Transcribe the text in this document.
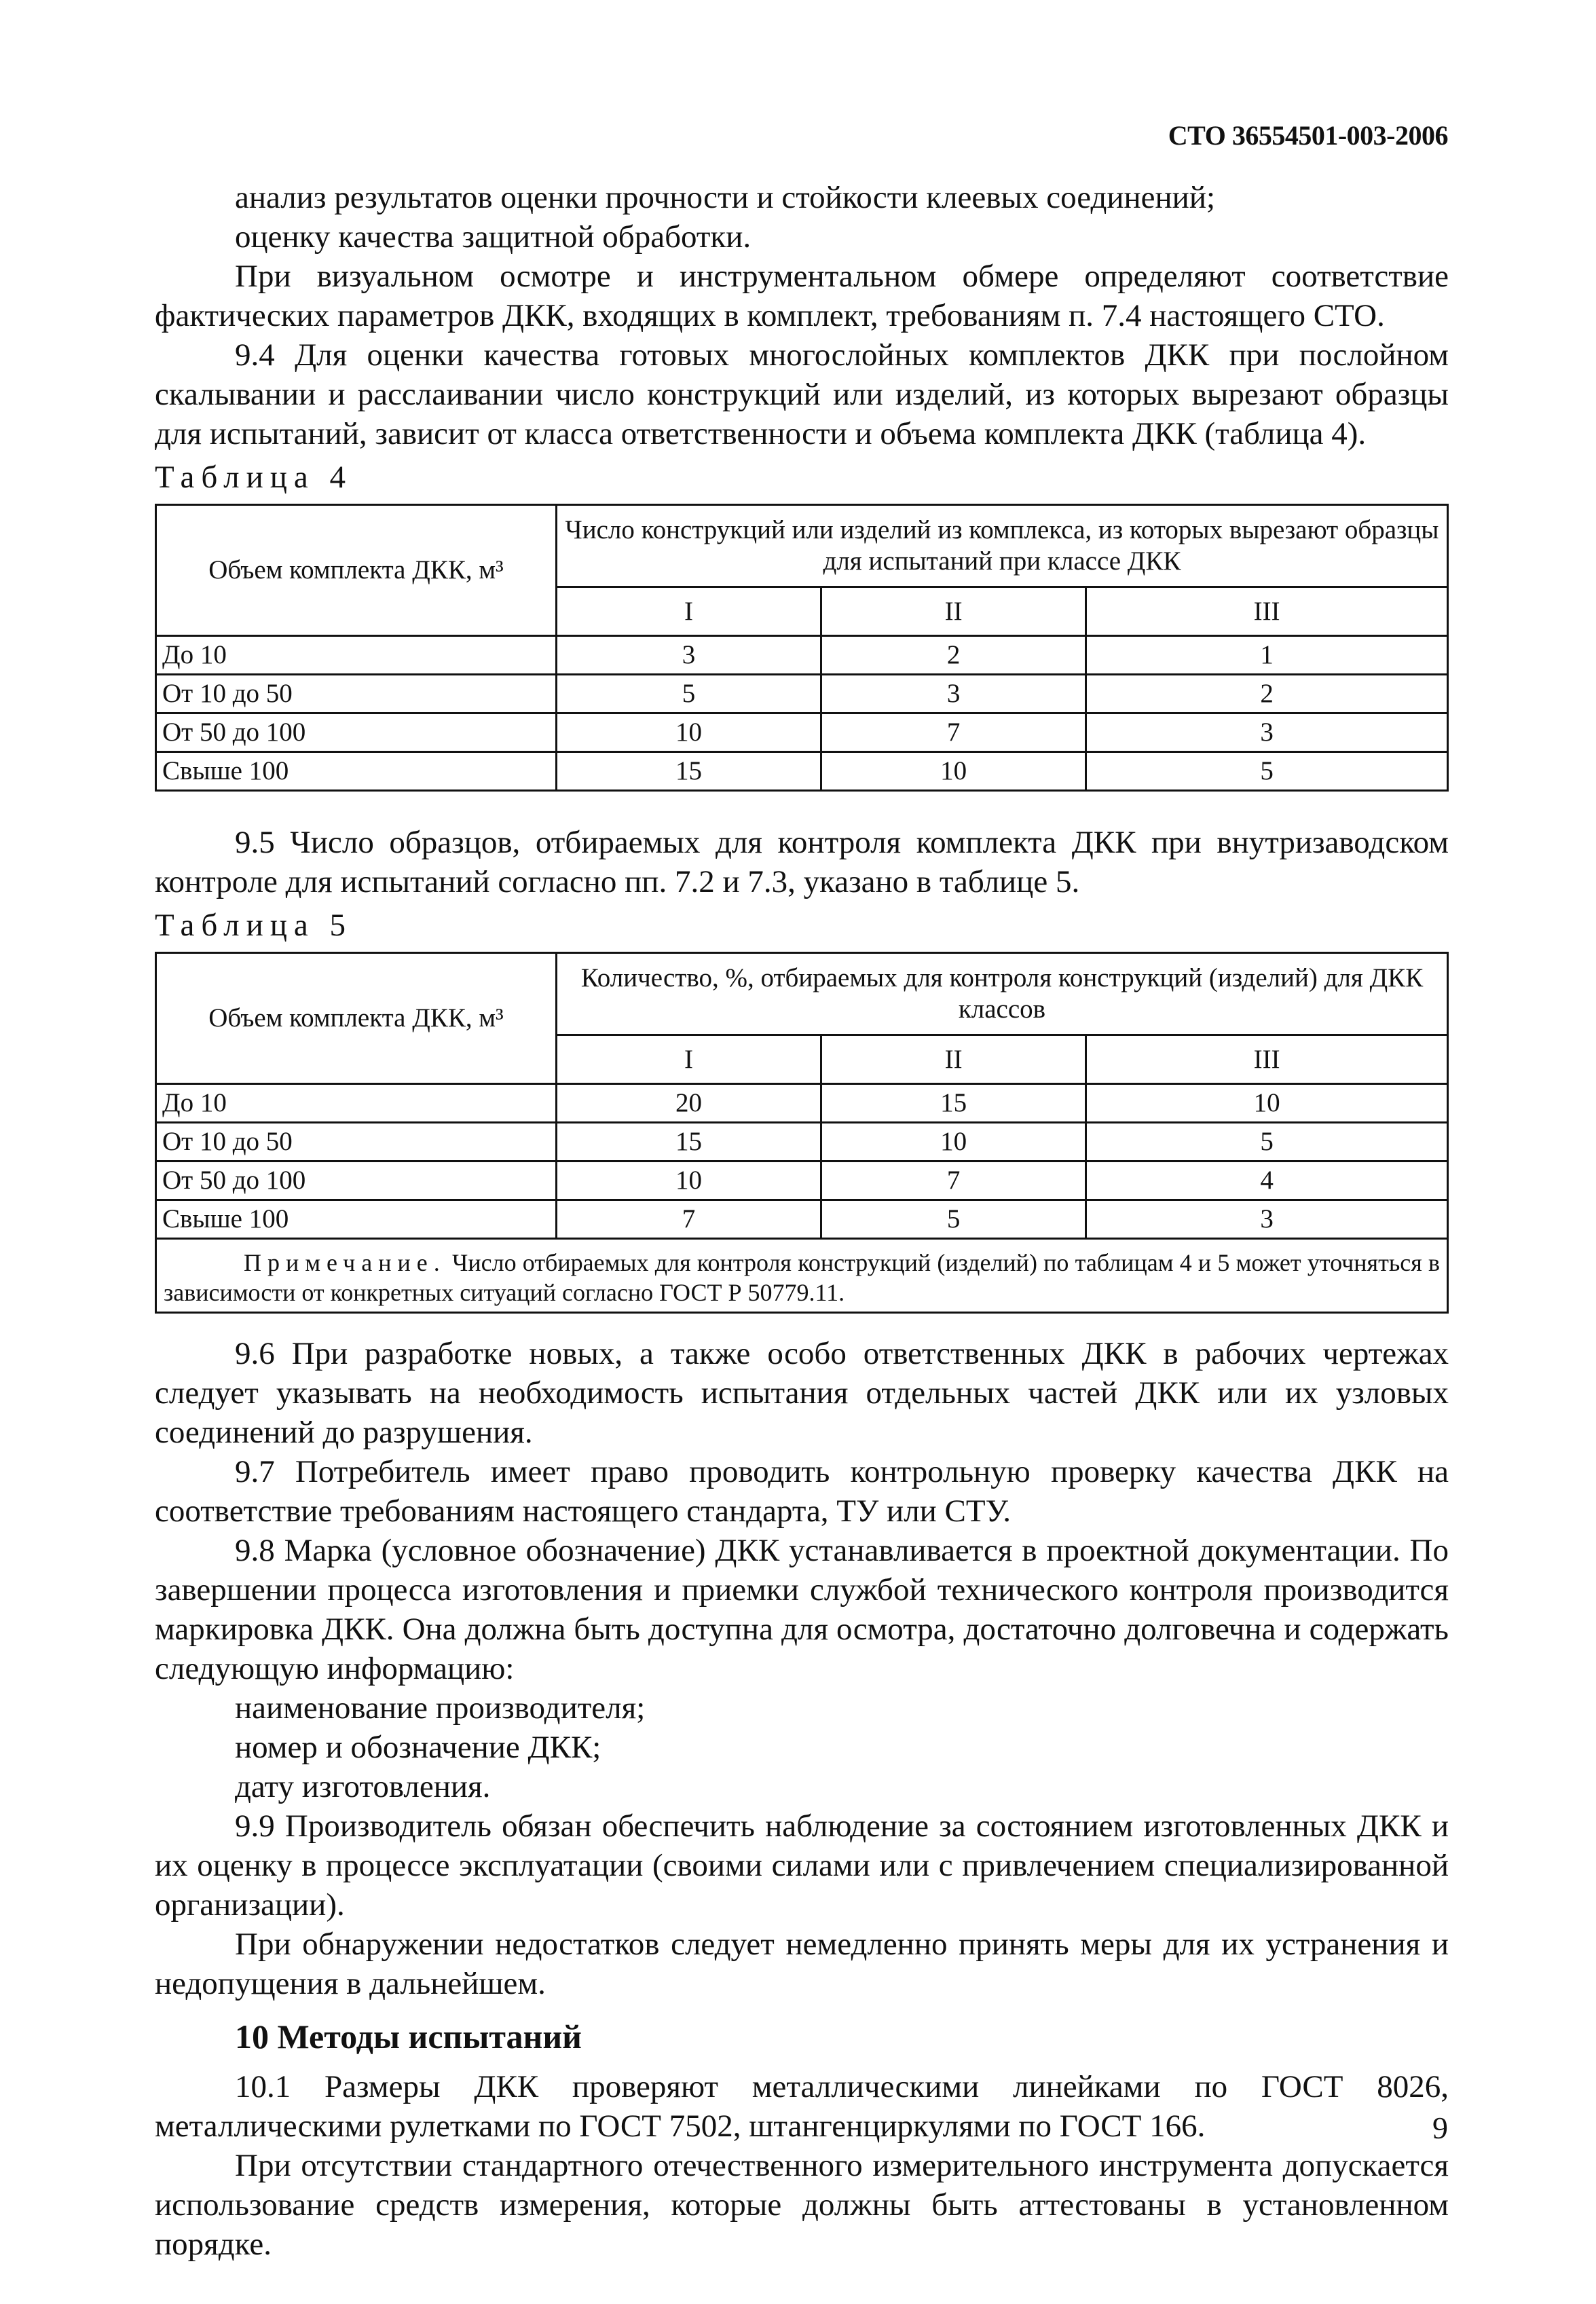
СТО 36554501-003-2006

анализ результатов оценки прочности и стойкости клеевых соединений;

оценку качества защитной обработки.

При визуальном осмотре и инструментальном обмере определяют соответствие фактических параметров ДКК, входящих в комплект, требованиям п. 7.4 настоящего СТО.

9.4 Для оценки качества готовых многослойных комплектов ДКК при послойном скалывании и расслаивании число конструкций или изделий, из которых вырезают образцы для испытаний, зависит от класса ответственности и объема комплекта ДКК (таблица 4).

Таблица 4
Объем комплекта ДКК, м³	Число конструкций или изделий из комплекса, из которых вырезают образцы для испытаний при классе ДКК		
	I	II	III
До 10	3	2	1
От 10 до 50	5	3	2
От 50 до 100	10	7	3
Свыше 100	15	10	5

9.5 Число образцов, отбираемых для контроля комплекта ДКК при внутризаводском контроле для испытаний согласно пп. 7.2 и 7.3, указано в таблице 5.

Таблица 5
Объем комплекта ДКК, м³	Количество, %, отбираемых для контроля конструкций (изделий) для ДКК классов		
	I	II	III
До 10	20	15	10
От 10 до 50	15	10	5
От 50 до 100	10	7	4
Свыше 100	7	5	3
Примечание. Число отбираемых для контроля конструкций (изделий) по таблицам 4 и 5 может уточняться в зависимости от конкретных ситуаций согласно ГОСТ Р 50779.11.			

9.6 При разработке новых, а также особо ответственных ДКК в рабочих чертежах следует указывать на необходимость испытания отдельных частей ДКК или их узловых соединений до разрушения.

9.7 Потребитель имеет право проводить контрольную проверку качества ДКК на соответствие требованиям настоящего стандарта, ТУ или СТУ.

9.8 Марка (условное обозначение) ДКК устанавливается в проектной документации. По завершении процесса изготовления и приемки службой технического контроля производится маркировка ДКК. Она должна быть доступна для осмотра, достаточно долговечна и содержать следующую информацию:

наименование производителя;

номер и обозначение ДКК;

дату изготовления.

9.9 Производитель обязан обеспечить наблюдение за состоянием изготовленных ДКК и их оценку в процессе эксплуатации (своими силами или с привлечением специализированной организации).

При обнаружении недостатков следует немедленно принять меры для их устранения и недопущения в дальнейшем.

10 Методы испытаний

10.1 Размеры ДКК проверяют металлическими линейками по ГОСТ 8026, металлическими рулетками по ГОСТ 7502, штангенциркулями по ГОСТ 166.

При отсутствии стандартного отечественного измерительного инструмента допускается использование средств измерения, которые должны быть аттестованы в установленном порядке.

9
